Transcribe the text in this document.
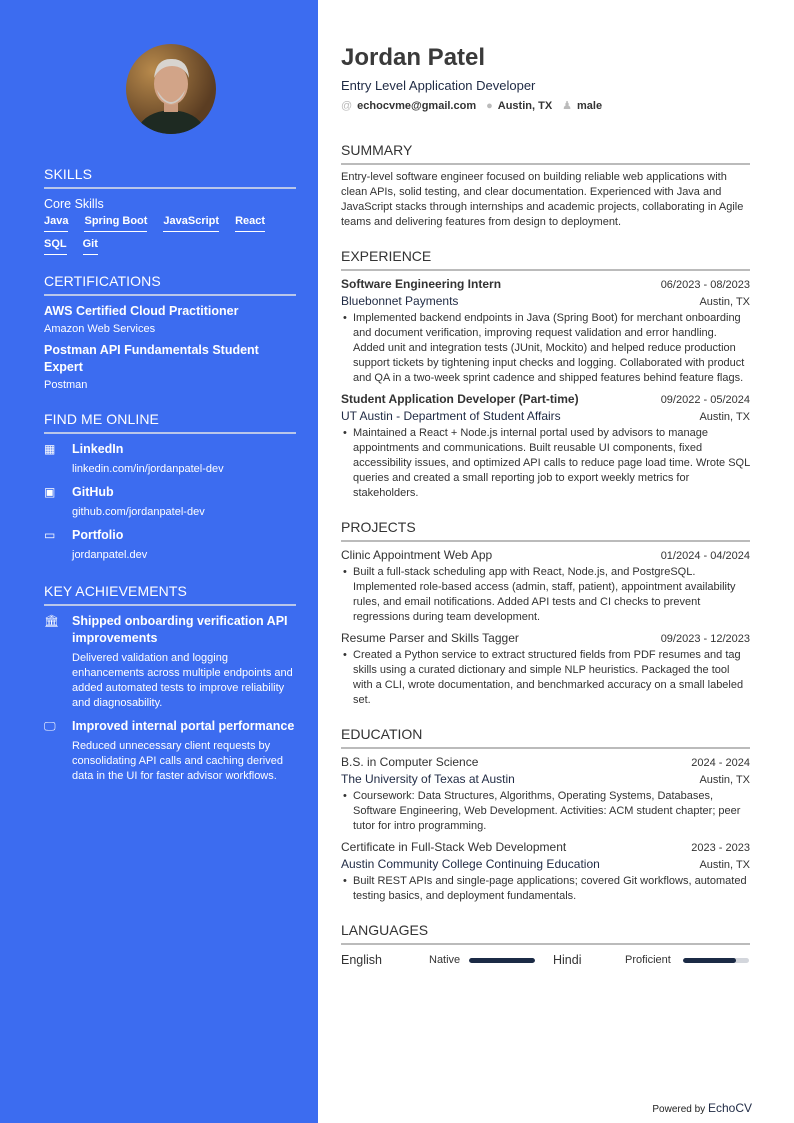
SKILLS
Core Skills
Java Spring Boot JavaScript React
SQL Git
CERTIFICATIONS
AWS Certified Cloud Practitioner
Amazon Web Services
Postman API Fundamentals Student Expert
Postman
FIND ME ONLINE
▦	LinkedIn
linkedin.com/in/jordanpatel-dev
▣	GitHub
github.com/jordanpatel-dev
▭	Portfolio
jordanpatel.dev
KEY ACHIEVEMENTS
🏛	Shipped onboarding verification API improvements
Delivered validation and logging enhancements across multiple endpoints and added automated tests to improve reliability and diagnosability.
🖵	Improved internal portal performance
Reduced unnecessary client requests by consolidating API calls and caching derived data in the UI for faster advisor workflows.
Jordan Patel
Entry Level Application Developer
@ echocvme@gmail.com ● Austin, TX ♟ male
SUMMARY
Entry-level software engineer focused on building reliable web applications with clean APIs, solid testing, and clear documentation. Experienced with Java and JavaScript stacks through internships and academic projects, collaborating in Agile teams and delivering features from design to deployment.
EXPERIENCE
Software Engineering Intern	06/2023 - 08/2023
Bluebonnet Payments	Austin, TX
• Implemented backend endpoints in Java (Spring Boot) for merchant onboarding and document verification, improving request validation and error handling. Added unit and integration tests (JUnit, Mockito) and helped reduce production support tickets by tightening input checks and logging. Collaborated with product and QA in a two-week sprint cadence and shipped features behind feature flags.
Student Application Developer (Part-time)	09/2022 - 05/2024
UT Austin - Department of Student Affairs	Austin, TX
• Maintained a React + Node.js internal portal used by advisors to manage appointments and communications. Built reusable UI components, fixed accessibility issues, and optimized API calls to reduce page load time. Wrote SQL queries and created a small reporting job to export weekly metrics for stakeholders.
PROJECTS
Clinic Appointment Web App	01/2024 - 04/2024
• Built a full-stack scheduling app with React, Node.js, and PostgreSQL. Implemented role-based access (admin, staff, patient), appointment availability rules, and email notifications. Added API tests and CI checks to prevent regressions during team development.
Resume Parser and Skills Tagger	09/2023 - 12/2023
• Created a Python service to extract structured fields from PDF resumes and tag skills using a curated dictionary and simple NLP heuristics. Packaged the tool with a CLI, wrote documentation, and benchmarked accuracy on a small labeled set.
EDUCATION
B.S. in Computer Science	2024 - 2024
The University of Texas at Austin	Austin, TX
• Coursework: Data Structures, Algorithms, Operating Systems, Databases, Software Engineering, Web Development. Activities: ACM student chapter; peer tutor for intro programming.
Certificate in Full-Stack Web Development	2023 - 2023
Austin Community College Continuing Education	Austin, TX
• Built REST APIs and single-page applications; covered Git workflows, automated testing basics, and deployment fundamentals.
LANGUAGES
English	Native	Hindi	Proficient
Powered by EchoCV
